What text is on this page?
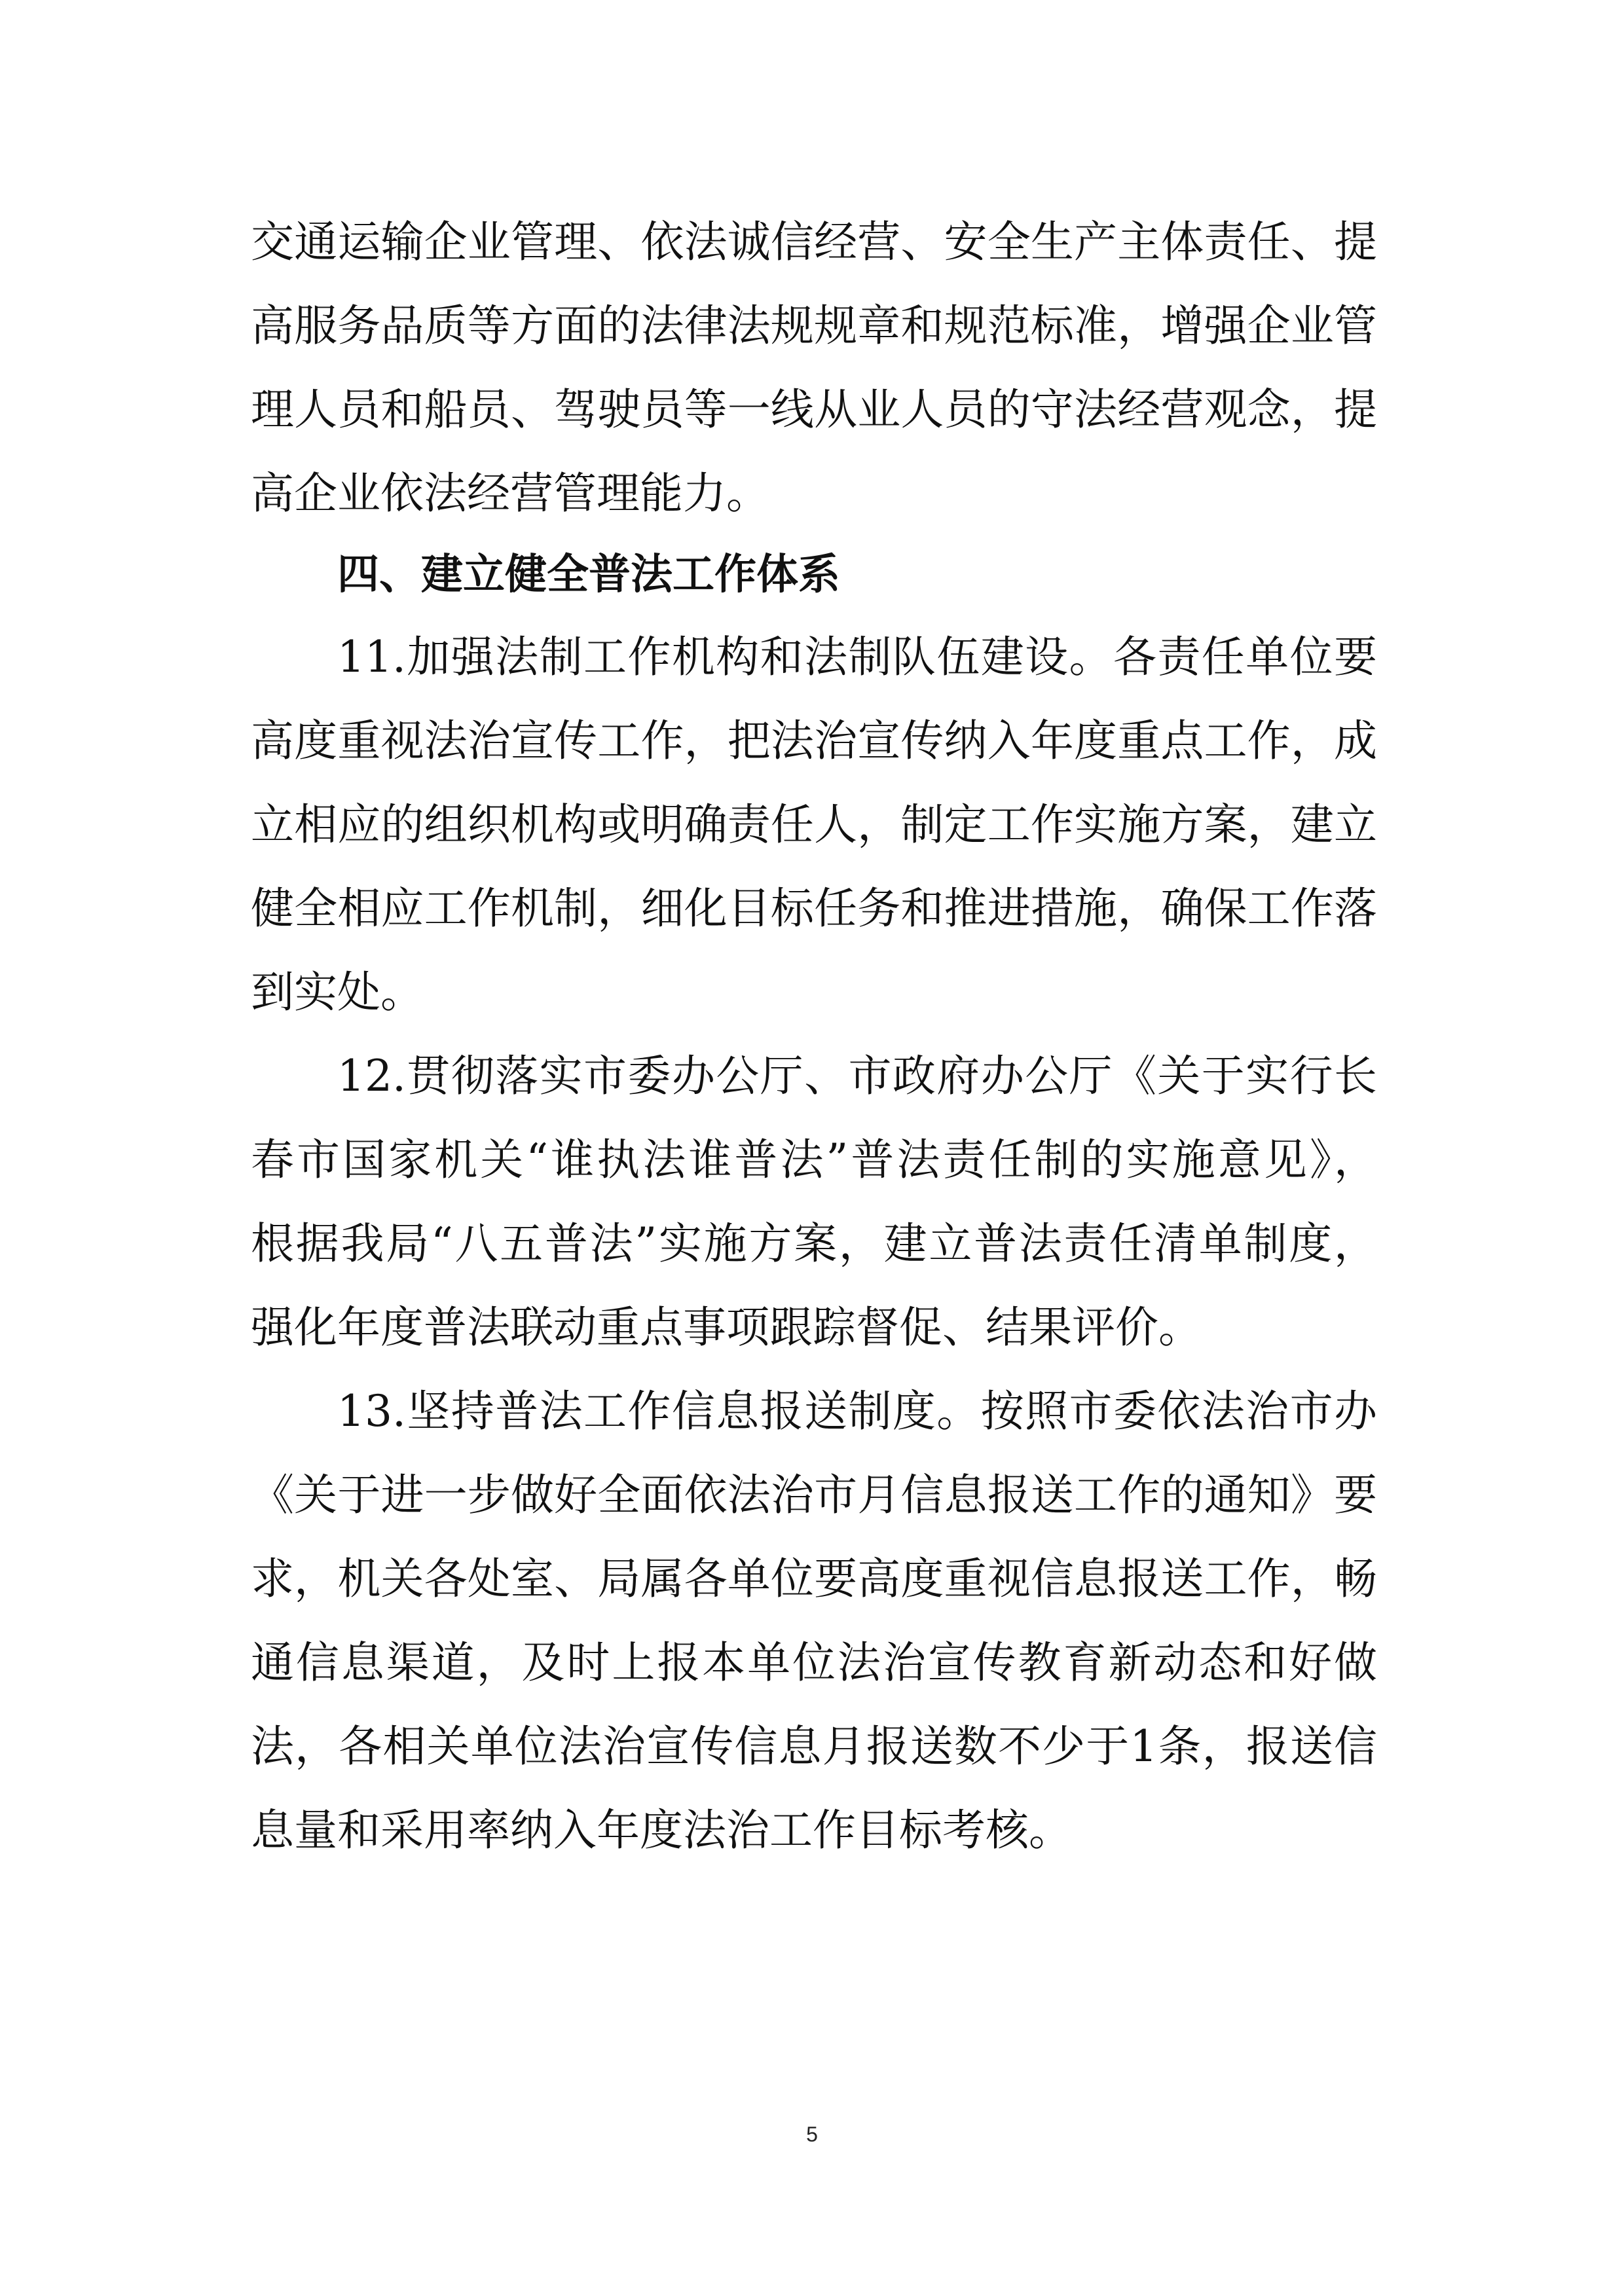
交通运输企业管理、依法诚信经营、安全生产主体责任、提
高服务品质等方面的法律法规规章和规范标准，增强企业管
理人员和船员、驾驶员等一线从业人员的守法经营观念，提
高企业依法经营管理能力。
四、建立健全普法工作体系
11.加强法制工作机构和法制队伍建设。各责任单位要
高度重视法治宣传工作，把法治宣传纳入年度重点工作，成
立相应的组织机构或明确责任人，制定工作实施方案，建立
健全相应工作机制，细化目标任务和推进措施，确保工作落
到实处。
12.贯彻落实市委办公厅、市政府办公厅《关于实行长
春市国家机关“谁执法谁普法”普法责任制的实施意见》，
根据我局“八五普法”实施方案，建立普法责任清单制度，
强化年度普法联动重点事项跟踪督促、结果评价。
13.坚持普法工作信息报送制度。按照市委依法治市办
《关于进一步做好全面依法治市月信息报送工作的通知》要
求，机关各处室、局属各单位要高度重视信息报送工作，畅
通信息渠道，及时上报本单位法治宣传教育新动态和好做
法，各相关单位法治宣传信息月报送数不少于1条，报送信
息量和采用率纳入年度法治工作目标考核。
5
